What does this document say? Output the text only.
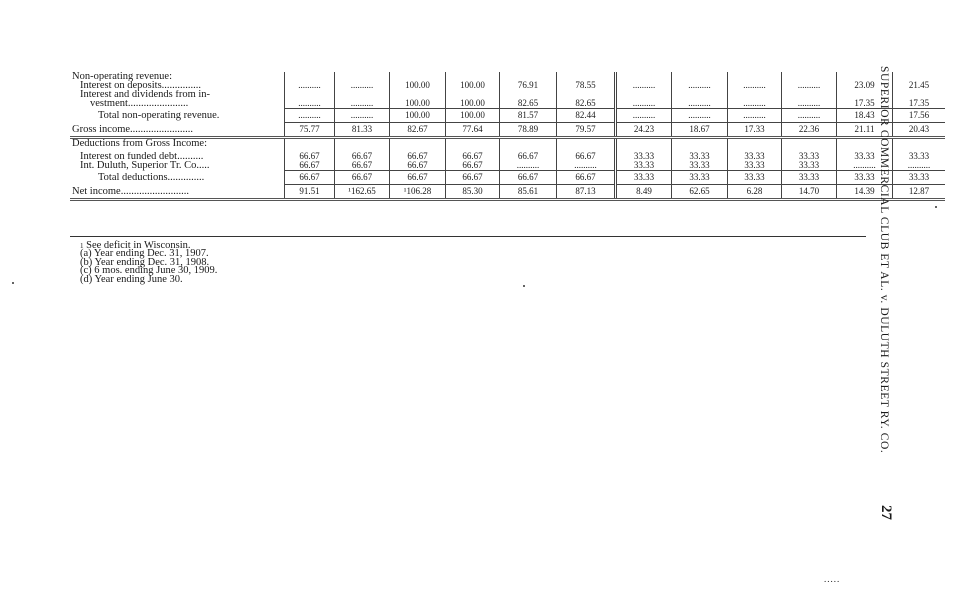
Non-operating revenue:												
Interest on deposits...............	..........	..........	100.00	100.00	76.91	78.55	..........	..........	..........	..........	23.09	21.45
Interest and dividends from in-												
vestment.......................	..........	..........	100.00	100.00	82.65	82.65	..........	..........	..........	..........	17.35	17.35
Total non-operating revenue.	..........	..........	100.00	100.00	81.57	82.44	..........	..........	..........	..........	18.43	17.56
Gross income........................	75.77	81.33	82.67	77.64	78.89	79.57	24.23	18.67	17.33	22.36	21.11	20.43
Deductions from Gross Income:												
Interest on funded debt..........	66.67	66.67	66.67	66.67	66.67	66.67	33.33	33.33	33.33	33.33	33.33	33.33
Int. Duluth, Superior Tr. Co.....	66.67	66.67	66.67	66.67	..........	..........	33.33	33.33	33.33	33.33	..........	..........
Total deductions..............	66.67	66.67	66.67	66.67	66.67	66.67	33.33	33.33	33.33	33.33	33.33	33.33
Net income..........................	91.51	¹162.65	¹106.28	85.30	85.61	87.13	8.49	62.65	6.28	14.70	14.39	12.87
$^1$ See deficit in Wisconsin.
(a) Year ending Dec. 31, 1907.
(b) Year ending Dec. 31, 1908.
(c) 6 mos. ending June 30, 1909.
(d) Year ending June 30.	SUPERIOR COMMERCIAL CLUB ET AL. v. DULUTH STREET RY. CO.
27
.....
